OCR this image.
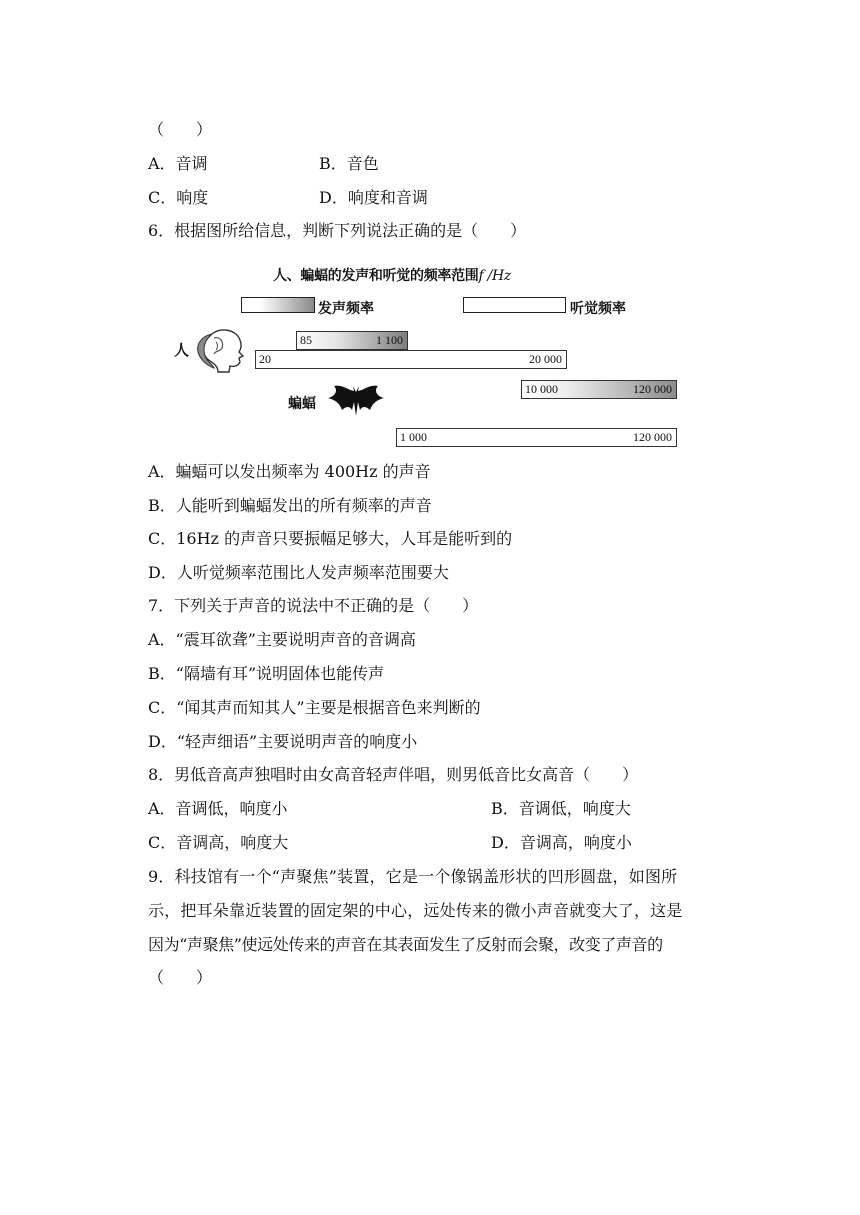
（　　）
A．音调	B．音色
C．响度	D．响度和音调
6．根据图所给信息，判断下列说法正确的是（　　）
人、蝙蝠的发声和听觉的频率范围f /Hz
发声频率	听觉频率
人
85	1 100
20	20 000
10 000	120 000
蝙蝠
1 000	120 000
A．蝙蝠可以发出频率为 400Hz 的声音
B．人能听到蝙蝠发出的所有频率的声音
C．16Hz 的声音只要振幅足够大，人耳是能听到的
D．人听觉频率范围比人发声频率范围要大
7．下列关于声音的说法中不正确的是（　　）
A．“震耳欲聋”主要说明声音的音调高
B．“隔墙有耳”说明固体也能传声
C．“闻其声而知其人”主要是根据音色来判断的
D．“轻声细语”主要说明声音的响度小
8．男低音高声独唱时由女高音轻声伴唱，则男低音比女高音（　　）
A．音调低，响度小	B．音调低，响度大
C．音调高，响度大	D．音调高，响度小
9．科技馆有一个“声聚焦”装置，它是一个像锅盖形状的凹形圆盘，如图所
示，把耳朵靠近装置的固定架的中心，远处传来的微小声音就变大了，这是
因为“声聚焦”使远处传来的声音在其表面发生了反射而会聚，改变了声音的
（　　）
